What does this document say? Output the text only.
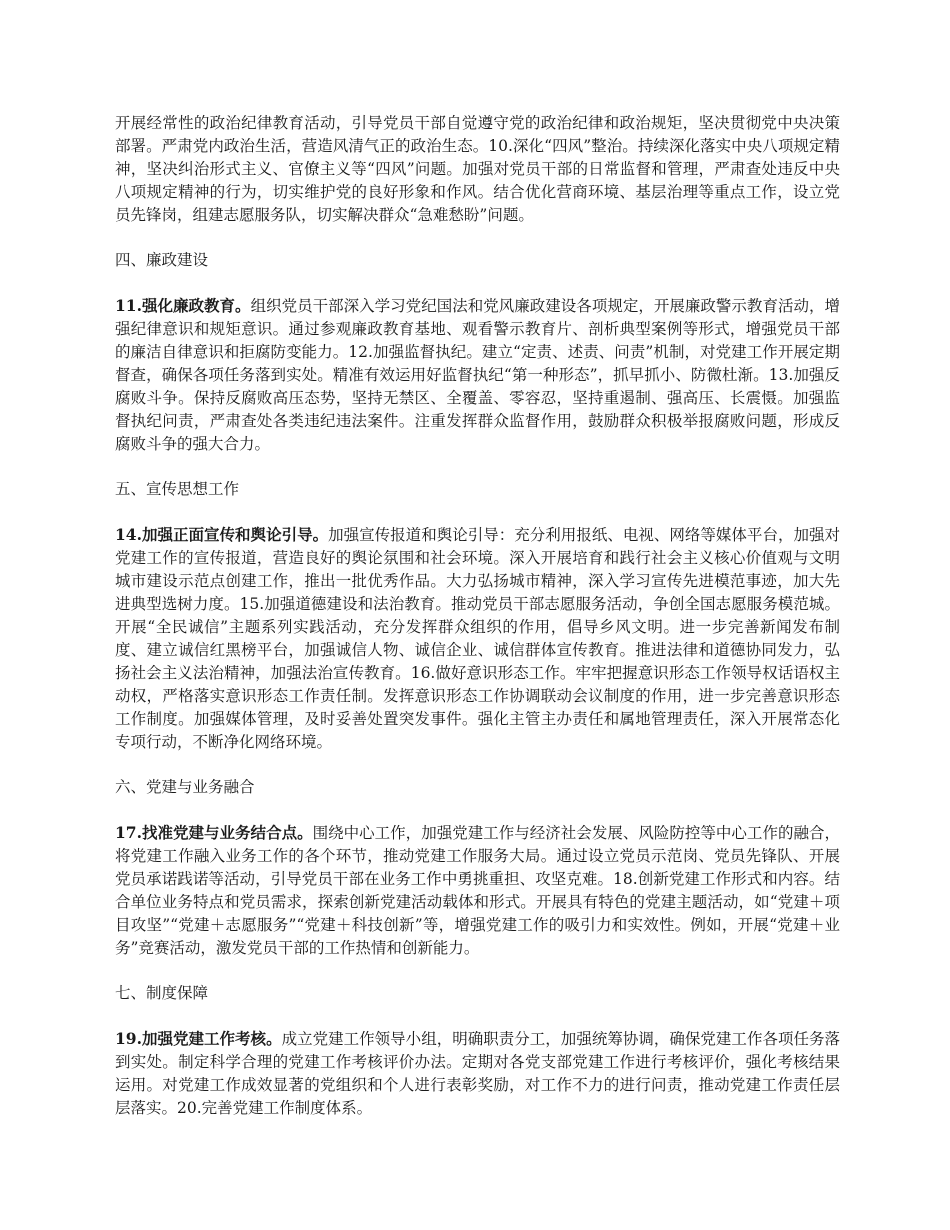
开展经常性的政治纪律教育活动，引导党员干部自觉遵守党的政治纪律和政治规矩，坚决贯彻党中央决策部署。严肃党内政治生活，营造风清气正的政治生态。10.深化“四风”整治。持续深化落实中央八项规定精神，坚决纠治形式主义、官僚主义等“四风”问题。加强对党员干部的日常监督和管理，严肃查处违反中央八项规定精神的行为，切实维护党的良好形象和作风。结合优化营商环境、基层治理等重点工作，设立党员先锋岗，组建志愿服务队，切实解决群众“急难愁盼”问题。

四、廉政建设

11.强化廉政教育。组织党员干部深入学习党纪国法和党风廉政建设各项规定，开展廉政警示教育活动，增强纪律意识和规矩意识。通过参观廉政教育基地、观看警示教育片、剖析典型案例等形式，增强党员干部的廉洁自律意识和拒腐防变能力。12.加强监督执纪。建立“定责、述责、问责”机制，对党建工作开展定期督查，确保各项任务落到实处。精准有效运用好监督执纪“第一种形态”，抓早抓小、防微杜渐。13.加强反腐败斗争。保持反腐败高压态势，坚持无禁区、全覆盖、零容忍，坚持重遏制、强高压、长震慑。加强监督执纪问责，严肃查处各类违纪违法案件。注重发挥群众监督作用，鼓励群众积极举报腐败问题，形成反腐败斗争的强大合力。

五、宣传思想工作

14.加强正面宣传和舆论引导。加强宣传报道和舆论引导：充分利用报纸、电视、网络等媒体平台，加强对党建工作的宣传报道，营造良好的舆论氛围和社会环境。深入开展培育和践行社会主义核心价值观与文明城市建设示范点创建工作，推出一批优秀作品。大力弘扬城市精神，深入学习宣传先进模范事迹，加大先进典型选树力度。15.加强道德建设和法治教育。推动党员干部志愿服务活动，争创全国志愿服务模范城。开展“全民诚信”主题系列实践活动，充分发挥群众组织的作用，倡导乡风文明。进一步完善新闻发布制度、建立诚信红黑榜平台，加强诚信人物、诚信企业、诚信群体宣传教育。推进法律和道德协同发力，弘扬社会主义法治精神，加强法治宣传教育。16.做好意识形态工作。牢牢把握意识形态工作领导权话语权主动权，严格落实意识形态工作责任制。发挥意识形态工作协调联动会议制度的作用，进一步完善意识形态工作制度。加强媒体管理，及时妥善处置突发事件。强化主管主办责任和属地管理责任，深入开展常态化专项行动，不断净化网络环境。

六、党建与业务融合

17.找准党建与业务结合点。围绕中心工作，加强党建工作与经济社会发展、风险防控等中心工作的融合，将党建工作融入业务工作的各个环节，推动党建工作服务大局。通过设立党员示范岗、党员先锋队、开展党员承诺践诺等活动，引导党员干部在业务工作中勇挑重担、攻坚克难。18.创新党建工作形式和内容。结合单位业务特点和党员需求，探索创新党建活动载体和形式。开展具有特色的党建主题活动，如“党建＋项目攻坚”“党建＋志愿服务”“党建＋科技创新”等，增强党建工作的吸引力和实效性。例如，开展“党建＋业务”竞赛活动，激发党员干部的工作热情和创新能力。

七、制度保障

19.加强党建工作考核。成立党建工作领导小组，明确职责分工，加强统筹协调，确保党建工作各项任务落到实处。制定科学合理的党建工作考核评价办法。定期对各党支部党建工作进行考核评价，强化考核结果运用。对党建工作成效显著的党组织和个人进行表彰奖励，对工作不力的进行问责，推动党建工作责任层层落实。20.完善党建工作制度体系。
